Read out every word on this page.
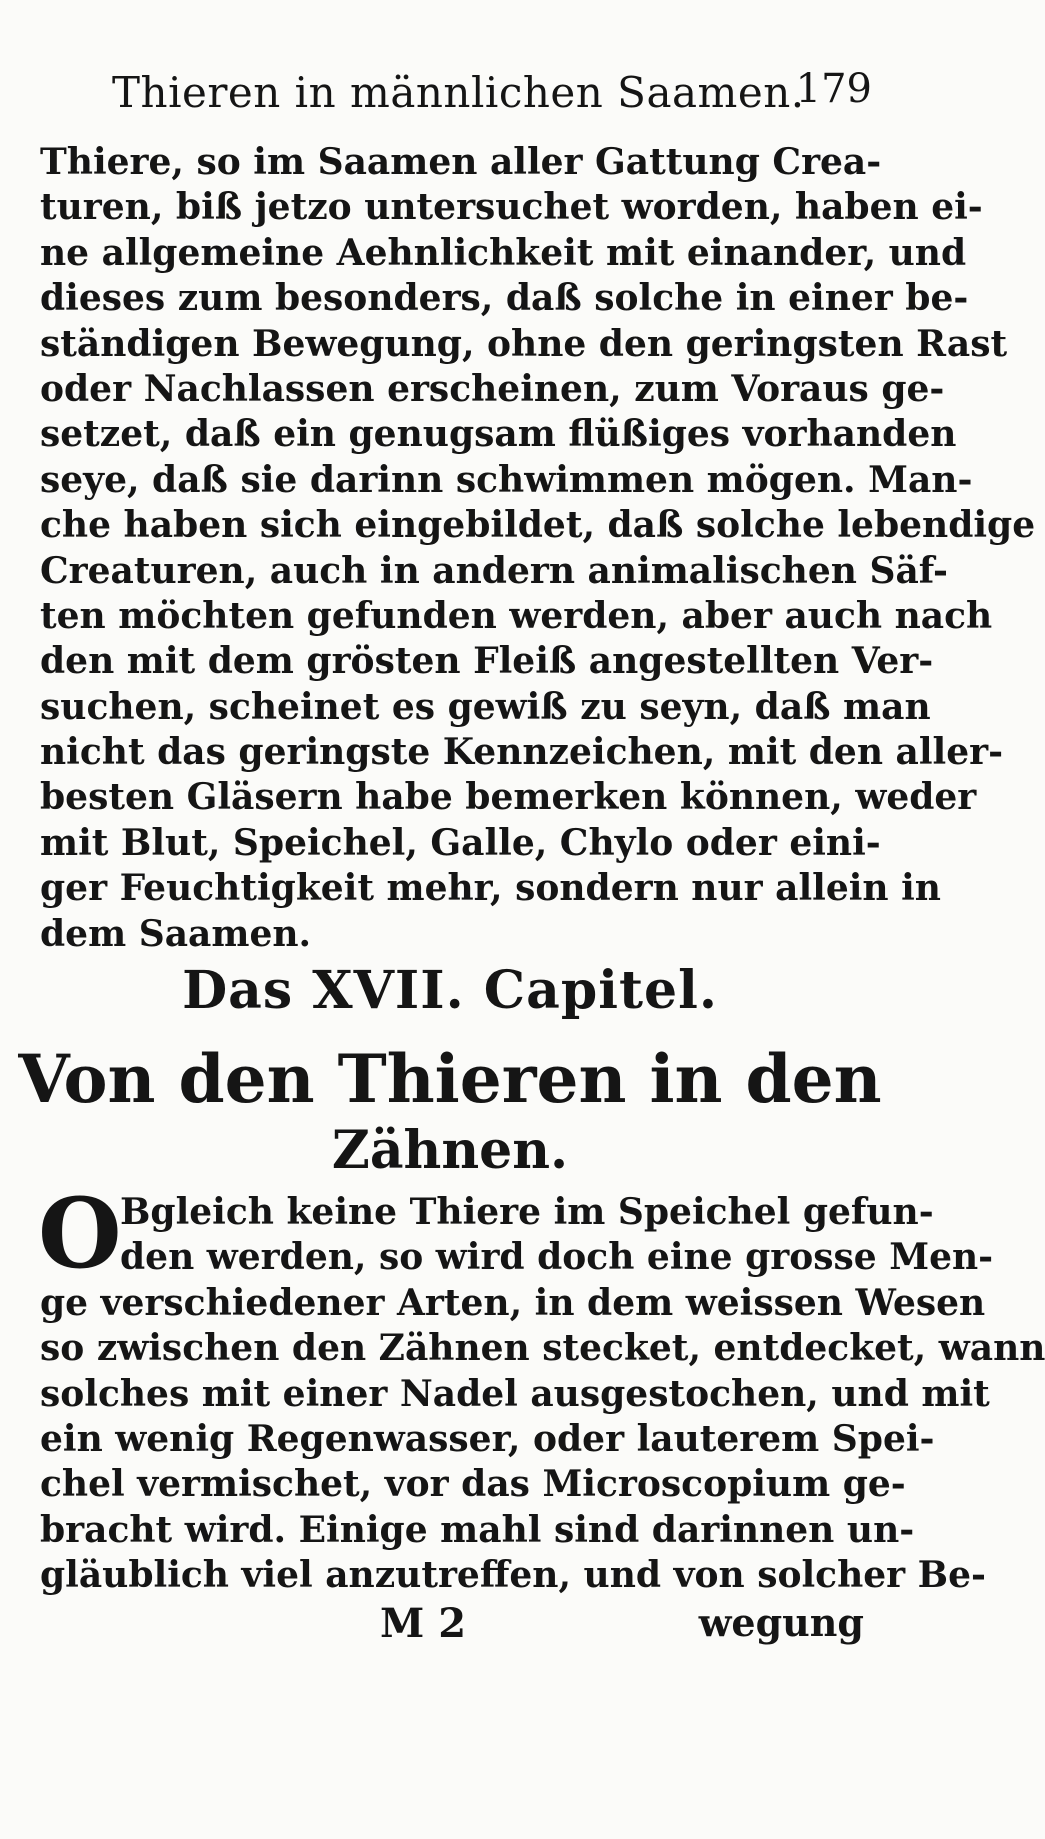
Thieren in männlichen Saamen.
179
Thiere, so im Saamen aller Gattung Crea-
turen, biß jetzo untersuchet worden, haben ei-
ne allgemeine Aehnlichkeit mit einander, und
dieses zum besonders, daß solche in einer be-
ständigen Bewegung, ohne den geringsten Rast
oder Nachlassen erscheinen, zum Voraus ge-
setzet, daß ein genugsam flüßiges vorhanden
seye, daß sie darinn schwimmen mögen. Man-
che haben sich eingebildet, daß solche lebendige
Creaturen, auch in andern animalischen Säf-
ten möchten gefunden werden, aber auch nach
den mit dem grösten Fleiß angestellten Ver-
suchen, scheinet es gewiß zu seyn, daß man
nicht das geringste Kennzeichen, mit den aller-
besten Gläsern habe bemerken können, weder
mit Blut, Speichel, Galle, Chylo oder eini-
ger Feuchtigkeit mehr, sondern nur allein in
dem Saamen.
Das XVII. Capitel.
Von den Thieren in den
Zähnen.
O
Bgleich keine Thiere im Speichel gefun-
den werden, so wird doch eine grosse Men-
ge verschiedener Arten, in dem weissen Wesen
so zwischen den Zähnen stecket, entdecket, wann
solches mit einer Nadel ausgestochen, und mit
ein wenig Regenwasser, oder lauterem Spei-
chel vermischet, vor das Microscopium ge-
bracht wird. Einige mahl sind darinnen un-
gläublich viel anzutreffen, und von solcher Be-
M 2	wegung
